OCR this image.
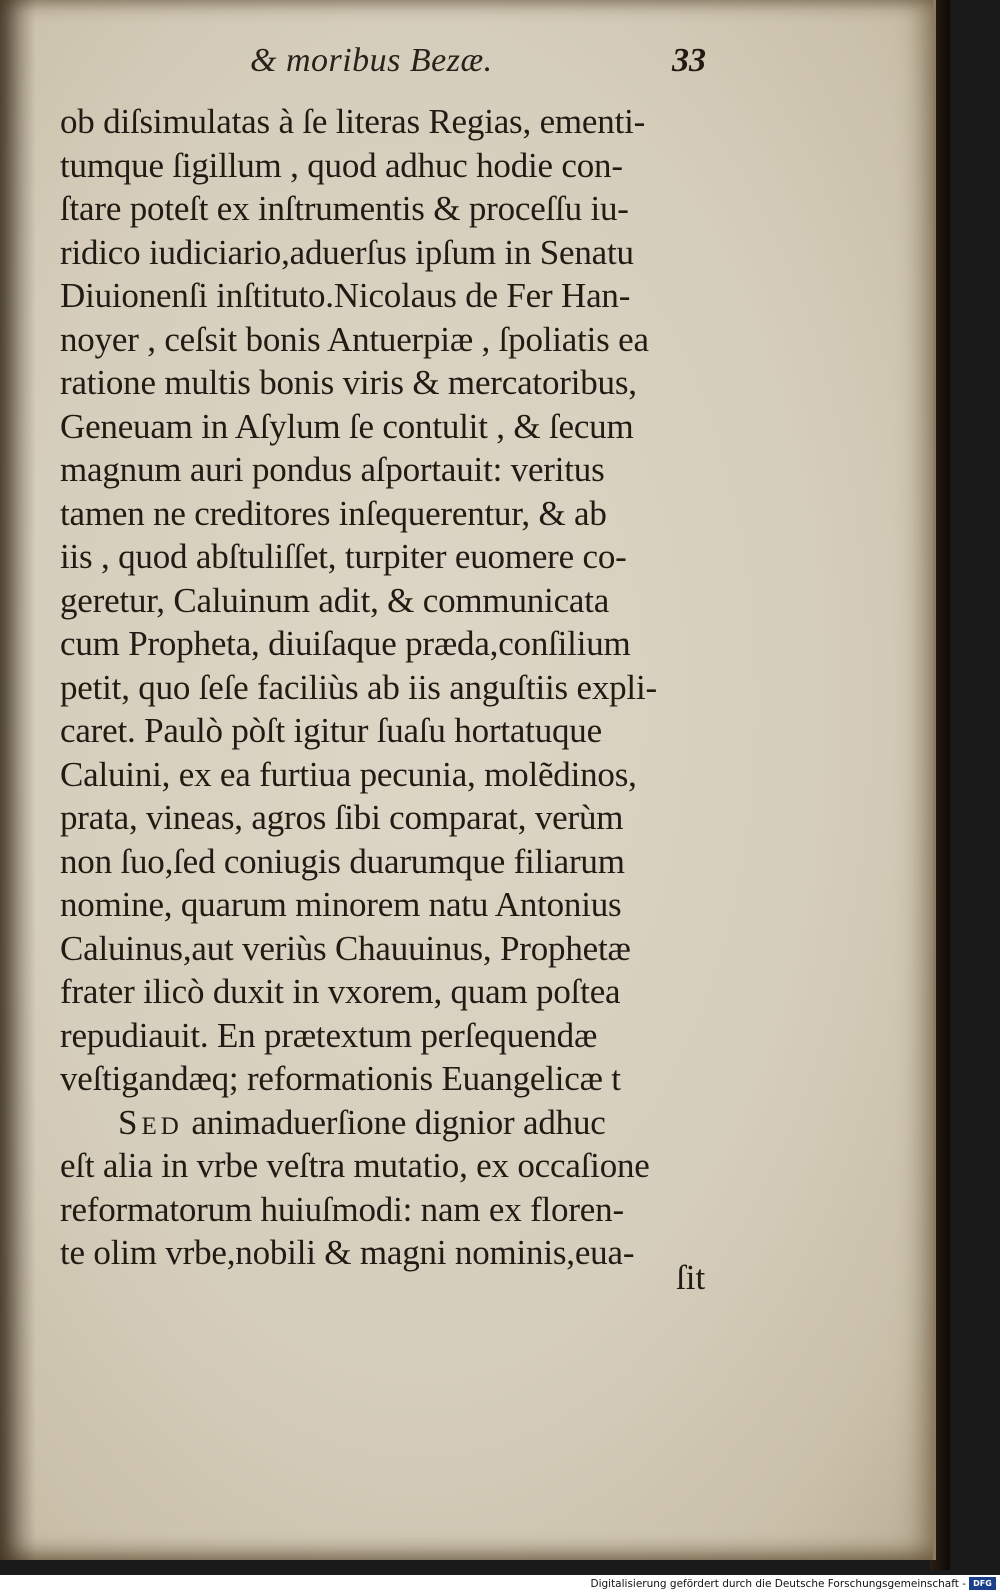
& moribus Bezæ.	33
ob diſsimulatas à ſe literas Regias, ementi-
tumque ſigillum , quod adhuc hodie con-
ſtare poteſt ex inſtrumentis & proceſſu iu-
ridico iudiciario,aduerſus ipſum in Senatu
Diuionenſi inſtituto.Nicolaus de Fer Han-
noyer , ceſsit bonis Antuerpiæ , ſpoliatis ea
ratione multis bonis viris & mercatoribus,
Geneuam in Aſylum ſe contulit , & ſecum
magnum auri pondus aſportauit: veritus
tamen ne creditores inſequerentur, & ab
iis , quod abſtuliſſet, turpiter euomere co-
geretur, Caluinum adit, & communicata
cum Propheta, diuiſaque præda,conſilium
petit, quo ſeſe faciliùs ab iis anguſtiis expli-
caret. Paulò pòſt igitur ſuaſu hortatuque
Caluini, ex ea furtiua pecunia, molẽdinos,
prata, vineas, agros ſibi comparat, verùm
non ſuo,ſed coniugis duarumque filiarum
nomine, quarum minorem natu Antonius
Caluinus,aut veriùs Chauuinus, Prophetæ
frater ilicò duxit in vxorem, quam poſtea
repudiauit. En prætextum perſequendæ
veſtigandæq; reformationis Euangelicæ t
Sed animaduerſione dignior adhuc
eſt alia in vrbe veſtra mutatio, ex occaſione
reformatorum huiuſmodi: nam ex floren-
te olim vrbe,nobili & magni nominis,eua-
ſit
Digitalisierung gefördert durch die Deutsche Forschungsgemeinschaft - DFG
